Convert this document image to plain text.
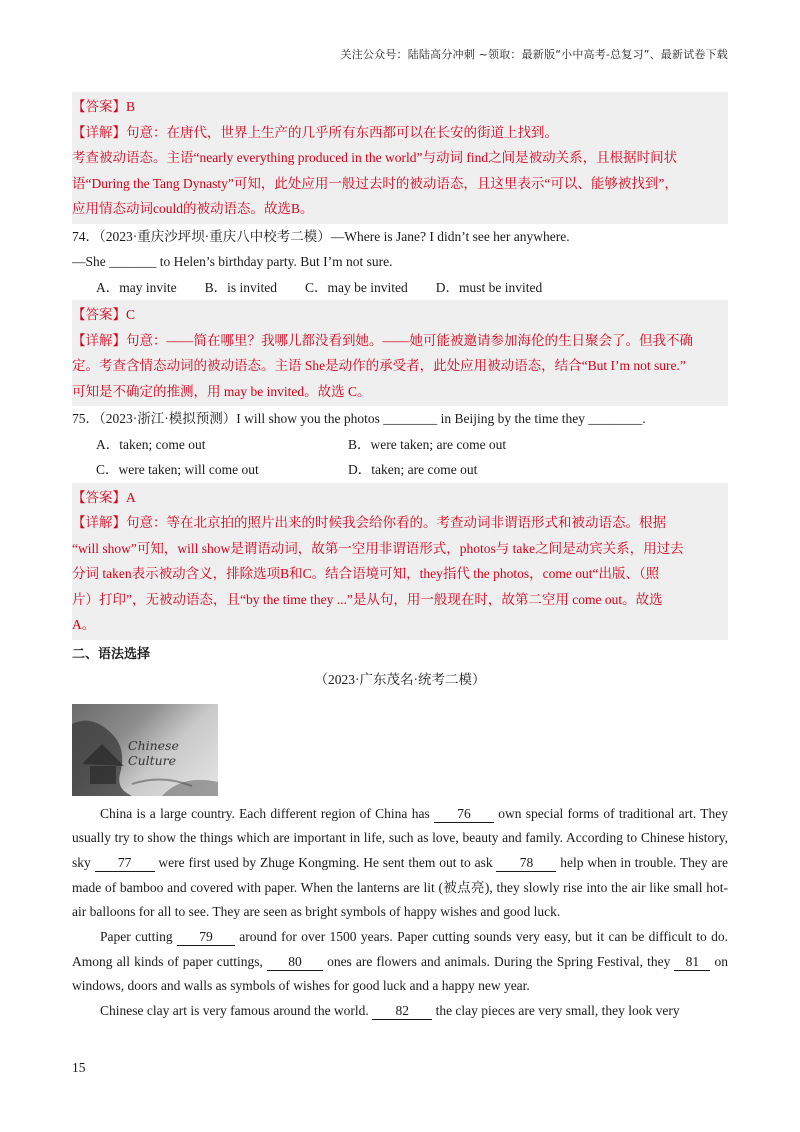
关注公众号：陆陆高分冲刺 ~领取：最新版“小中高考-总复习”、最新试卷下载
【答案】B
【详解】句意：在唐代，世界上生产的几乎所有东西都可以在长安的街道上找到。
考查被动语态。主语“nearly everything produced in the world”与动词 find之间是被动关系，且根据时间状
语“During the Tang Dynasty”可知，此处应用一般过去时的被动语态，且这里表示“可以、能够被找到”，
应用情态动词could的被动语态。故选B。
74．（2023·重庆沙坪坝·重庆八中校考二模）—Where is Jane? I didn’t see her anywhere.
—She _______ to Helen’s birthday party. But I’m not sure.
A．may invite B．is invited C．may be invited D．must be invited
【答案】C
【详解】句意：——简在哪里？我哪儿都没看到她。——她可能被邀请参加海伦的生日聚会了。但我不确
定。考查含情态动词的被动语态。主语 She是动作的承受者，此处应用被动语态，结合“But I’m not sure.”
可知是不确定的推测，用 may be invited。故选 C。
75．（2023·浙江·模拟预测）I will show you the photos ________ in Beijing by the time they ________.
A．taken; come out	B．were taken; are come out
C．were taken; will come out	D．taken; are come out
【答案】A
【详解】句意：等在北京拍的照片出来的时候我会给你看的。考查动词非谓语形式和被动语态。根据
“will show”可知，will show是谓语动词，故第一空用非谓语形式，photos与 take之间是动宾关系，用过去
分词 taken表示被动含义，排除选项B和C。结合语境可知，they指代 the photos，come out“出版、（照
片）打印”，无被动语态，且“by the time they ...”是从句，用一般现在时，故第二空用 come out。故选
A。
二、语法选择
（2023·广东茂名·统考二模）
Chinese Culture
China is a large country. Each different region of China has 76 own special forms of traditional art. They usually try to show the things which are important in life, such as love, beauty and family. According to Chinese history, sky 77 were first used by Zhuge Kongming. He sent them out to ask 78 help when in trouble. They are made of bamboo and covered with paper. When the lanterns are lit (被点亮), they slowly rise into the air like small hot-air balloons for all to see. They are seen as bright symbols of happy wishes and good luck.
Paper cutting 79 around for over 1500 years. Paper cutting sounds very easy, but it can be difficult to do. Among all kinds of paper cuttings, 80 ones are flowers and animals. During the Spring Festival, they 81 on windows, doors and walls as symbols of wishes for good luck and a happy new year.
Chinese clay art is very famous around the world. 82 the clay pieces are very small, they look very
15
